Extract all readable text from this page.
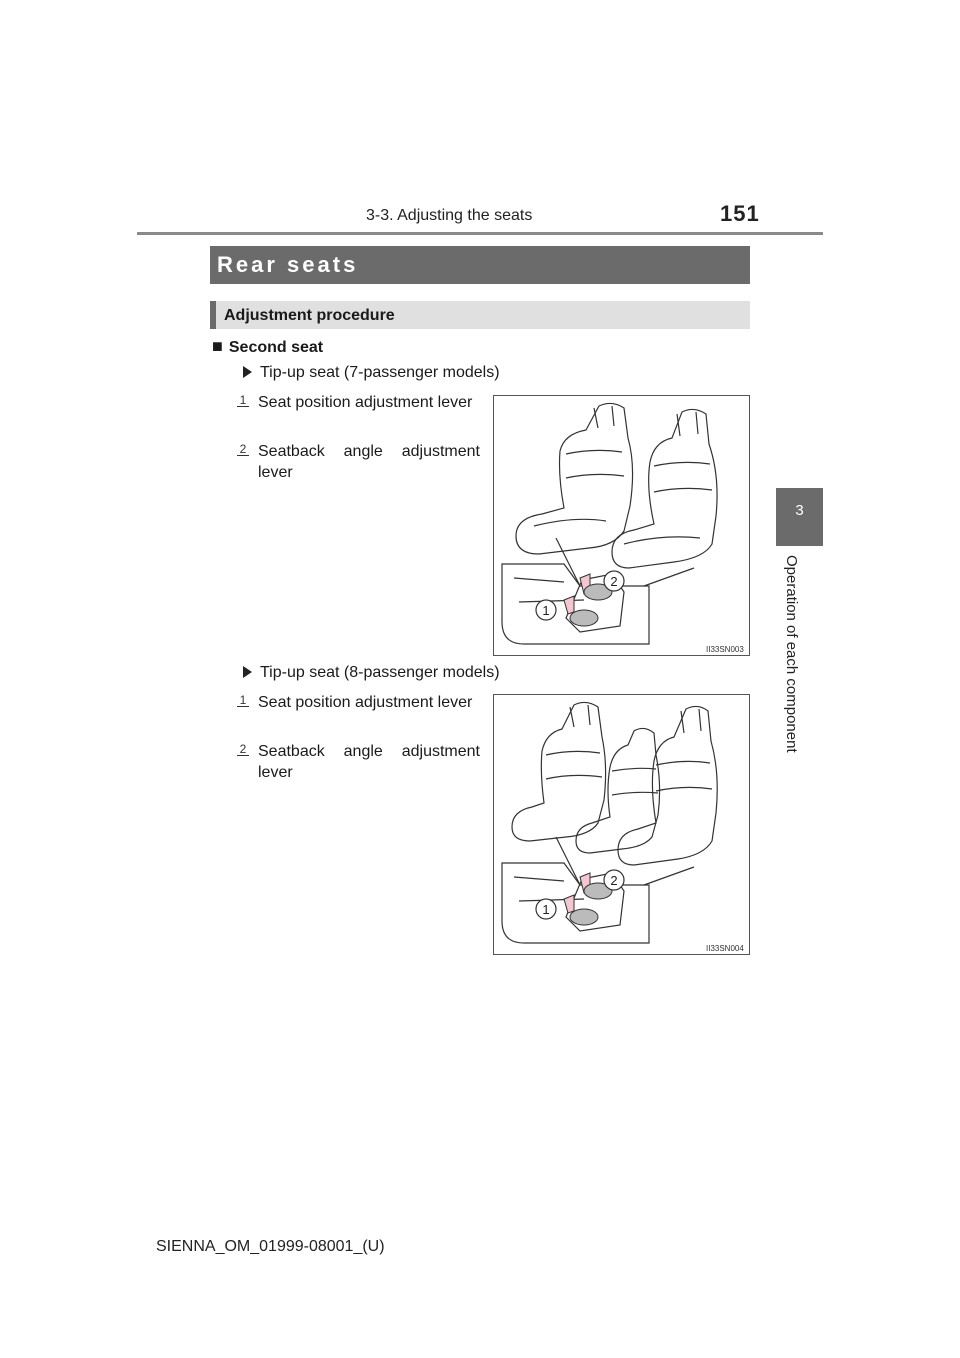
3-3. Adjusting the seats	151
3
Operation of each component
Rear seats
Adjustment procedure
■ Second seat
Tip-up seat (7-passenger models)
1 Seat position adjustment lever
2 Seatback angle adjustment lever
2
1
II33SN003
Tip-up seat (8-passenger models)
1 Seat position adjustment lever
2 Seatback angle adjustment lever
2
1
II33SN004
SIENNA_OM_01999-08001_(U)
